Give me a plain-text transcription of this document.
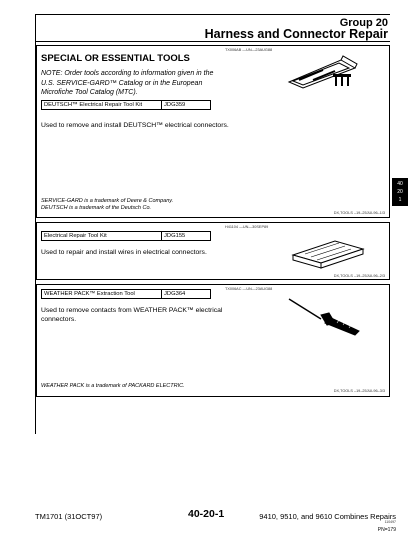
Group 20
Harness and Connector Repair
SPECIAL OR ESSENTIAL TOOLS
NOTE: Order tools according to information given in the U.S. SERVICE-GARD™ Catalog or in the European Microfiche Tool Catalog (MTC).
TX006AB —UN—23AUG88
DEUTSCH™ Electrical Repair Tool Kit	JDG359
Used to remove and install DEUTSCH™ electrical connectors.
SERVICE-GARD is a trademark of Deere & Company.
DEUTSCH is a trademark of the Deutsch Co.
DX,TOOLS –19–25JUL96–1/3
H41104 —UN—30SEP89
Electrical Repair Tool Kit	JDG155
Used to repair and install wires in electrical connectors.
DX,TOOLS –19–25JUL96–2/3
TX006AC —UN—23AUG88
WEATHER PACK™ Extraction Tool	JDG364
Used to remove contacts from WEATHER PACK™ electrical connectors.
WEATHER PACK is a trademark of PACKARD ELECTRIC.
DX,TOOLS –19–25JUL96–3/3
40
20
1
TM1701 (31OCT97)	40-20-1	9410, 9510, and 9610 Combines Repairs
110497
PN=179
